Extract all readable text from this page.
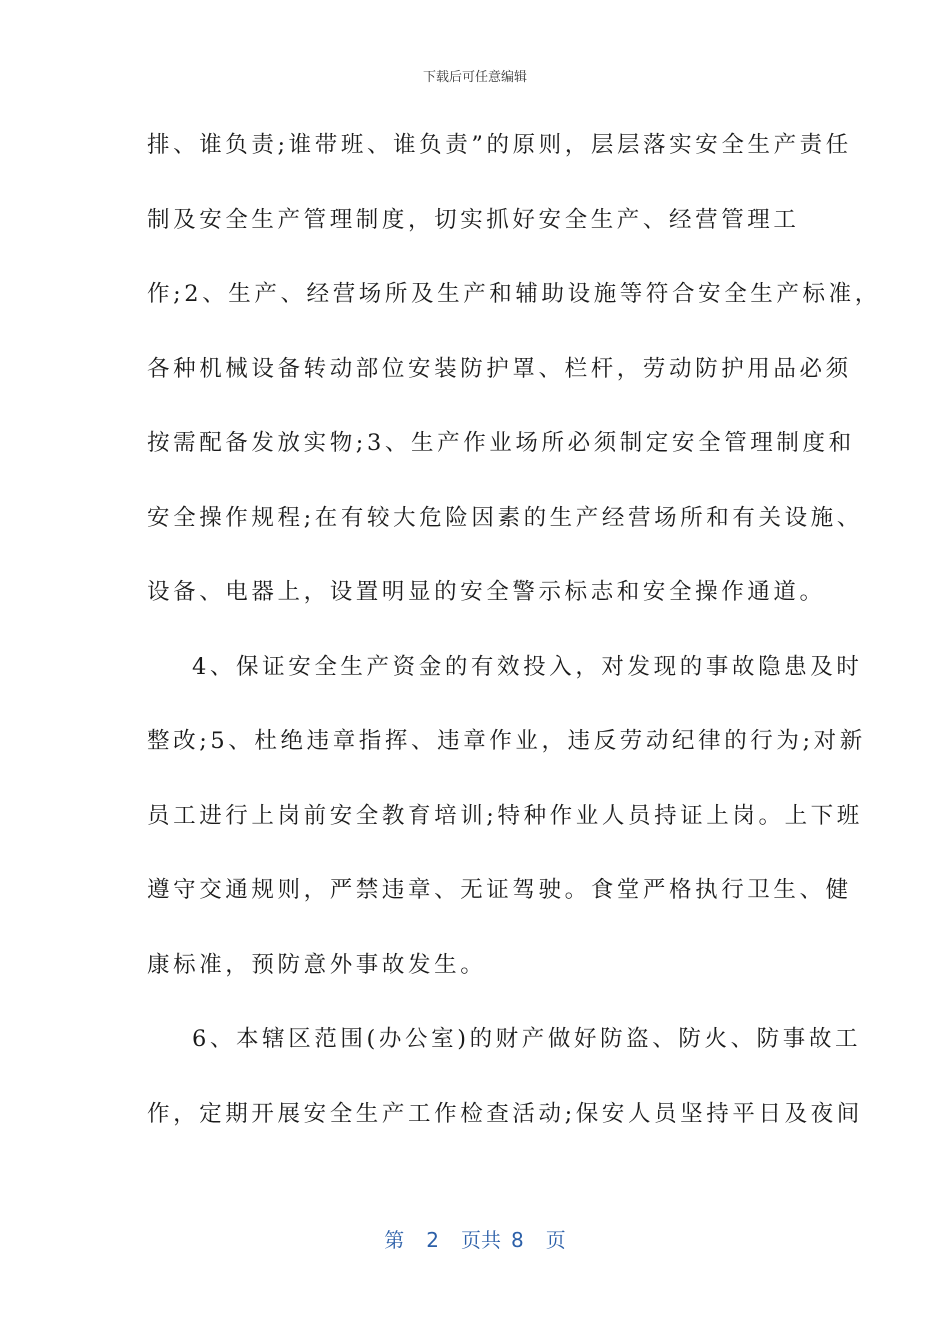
下载后可任意编辑
排、谁负责;谁带班、谁负责”的原则，层层落实安全生产责任
制及安全生产管理制度，切实抓好安全生产、经营管理工
作;2、生产、经营场所及生产和辅助设施等符合安全生产标准，
各种机械设备转动部位安装防护罩、栏杆，劳动防护用品必须
按需配备发放实物;3、生产作业场所必须制定安全管理制度和
安全操作规程;在有较大危险因素的生产经营场所和有关设施、
设备、电器上，设置明显的安全警示标志和安全操作通道。
4、保证安全生产资金的有效投入，对发现的事故隐患及时
整改;5、杜绝违章指挥、违章作业，违反劳动纪律的行为;对新
员工进行上岗前安全教育培训;特种作业人员持证上岗。上下班
遵守交通规则，严禁违章、无证驾驶。食堂严格执行卫生、健
康标准，预防意外事故发生。
6、本辖区范围(办公室)的财产做好防盗、防火、防事故工
作，定期开展安全生产工作检查活动;保安人员坚持平日及夜间
第 2 页共 8 页
